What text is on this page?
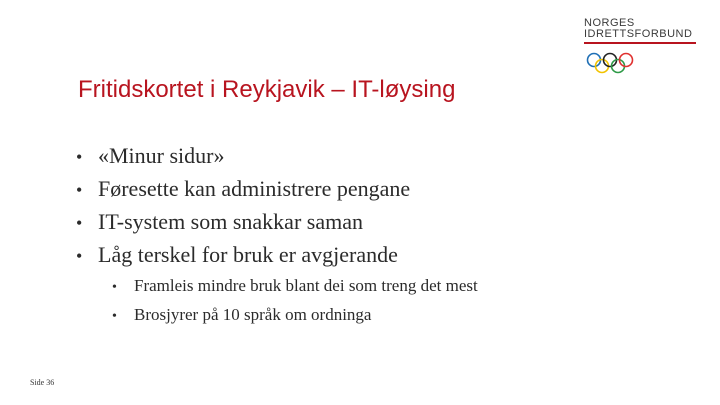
NORGES

IDRETTSFORBUND

Fritidskortet i Reykjavik – IT-løysing
• «Minur sidur»
• Føresette kan administrere pengane
• IT-system som snakkar saman
• Låg terskel for bruk er avgjerande
•	Framleis mindre bruk blant dei som treng det mest
•	Brosjyrer på 10 språk om ordninga
Side 36
